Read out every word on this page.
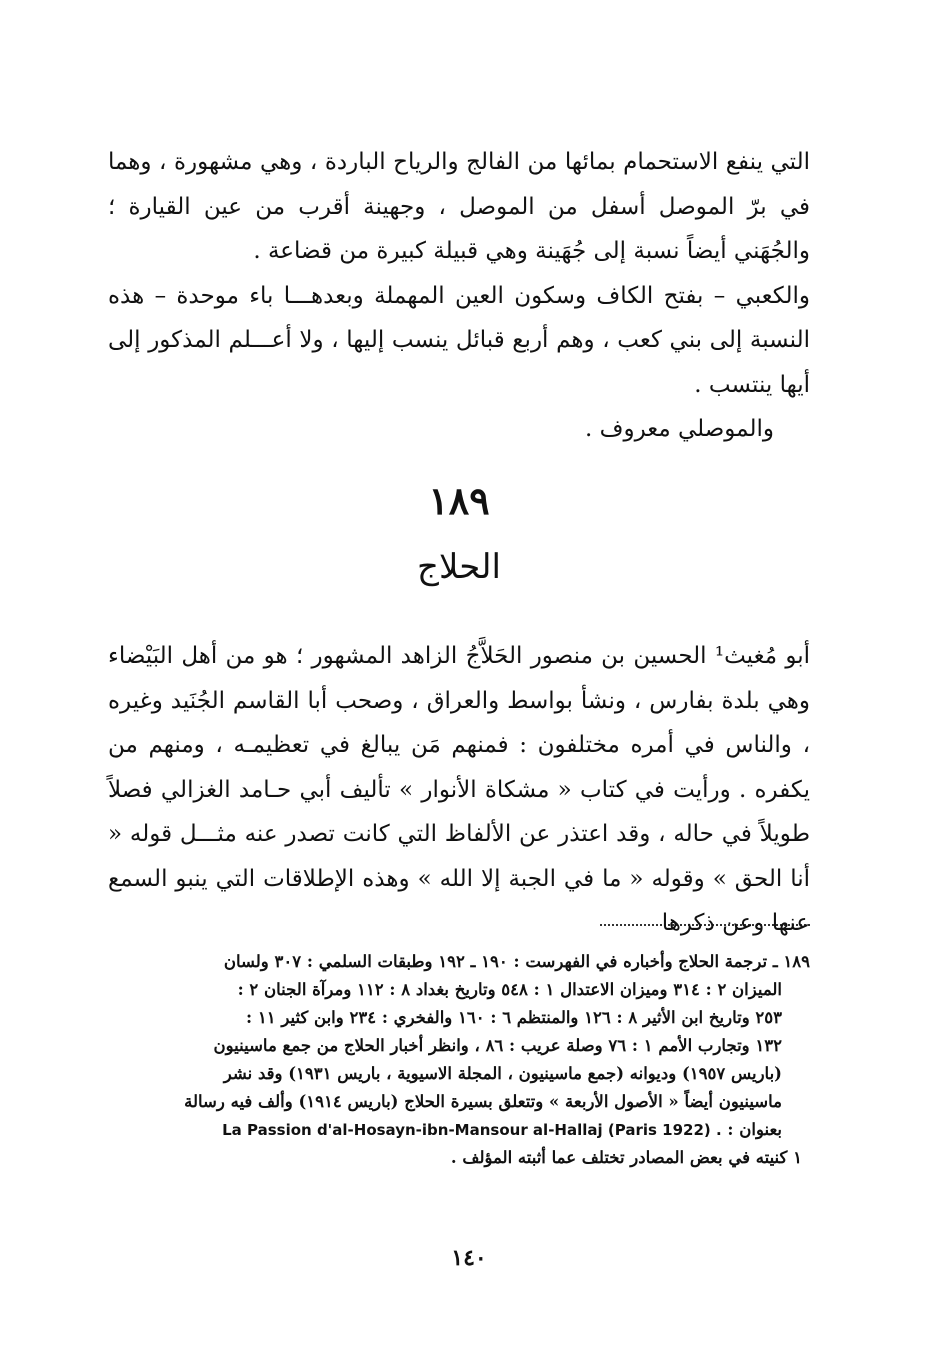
التي ينفع الاستحمام بمائها من الفالج والرياح الباردة ، وهي مشهورة ، وهما في برّ الموصل أسفل من الموصل ، وجهينة أقرب من عين القيارة ؛ والجُهَني أيضاً نسبة إلى جُهَينة وهي قبيلة كبيرة من قضاعة .

والكعبي – بفتح الكاف وسكون العين المهملة وبعدهـــا باء موحدة – هذه النسبة إلى بني كعب ، وهم أربع قبائل ينسب إليها ، ولا أعـــلم المذكور إلى أيها ينتسب .

والموصلي معروف .

١٨٩
الحلاج

أبو مُغيث¹ الحسين بن منصور الحَلاَّجُ الزاهد المشهور ؛ هو من أهل البَيْضاء وهي بلدة بفارس ، ونشأ بواسط والعراق ، وصحب أبا القاسم الجُنَيد وغيره ، والناس في أمره مختلفون : فمنهم مَن يبالغ في تعظيمـه ، ومنهم من يكفره . ورأيت في كتاب « مشكاة الأنوار » تأليف أبي حـامد الغزالي فصلاً طويلاً في حاله ، وقد اعتذر عن الألفاظ التي كانت تصدر عنه مثـــل قوله « أنا الحق » وقوله « ما في الجبة إلا الله » وهذه الإطلاقات التي ينبو السمع عنها وعن ذكرها

١٨٩ ـ ترجمة الحلاج وأخباره في الفهرست : ١٩٠ ـ ١٩٢ وطبقات السلمي : ٣٠٧ ولسان
الميزان ٢ : ٣١٤ وميزان الاعتدال ١ : ٥٤٨ وتاريخ بغداد ٨ : ١١٢ ومرآة الجنان ٢ :
٢٥٣ وتاريخ ابن الأثير ٨ : ١٢٦ والمنتظم ٦ : ١٦٠ والفخري : ٢٣٤ وابن كثير ١١ :
١٣٢ وتجارب الأمم ١ : ٧٦ وصلة عريب : ٨٦ ، وانظر أخبار الحلاج من جمع ماسينيون
(باريس ١٩٥٧) وديوانه (جمع ماسينيون ، المجلة الاسيوية ، باريس ١٩٣١) وقد نشر
ماسينيون أيضاً « الأصول الأربعة » وتتعلق بسيرة الحلاج (باريس ١٩١٤) وألف فيه رسالة
بعنوان : La Passion d'al-Hosayn-ibn-Mansour al-Hallaj (Paris 1922) .
١ كنيته في بعض المصادر تختلف عما أثبته المؤلف .
١٤٠
